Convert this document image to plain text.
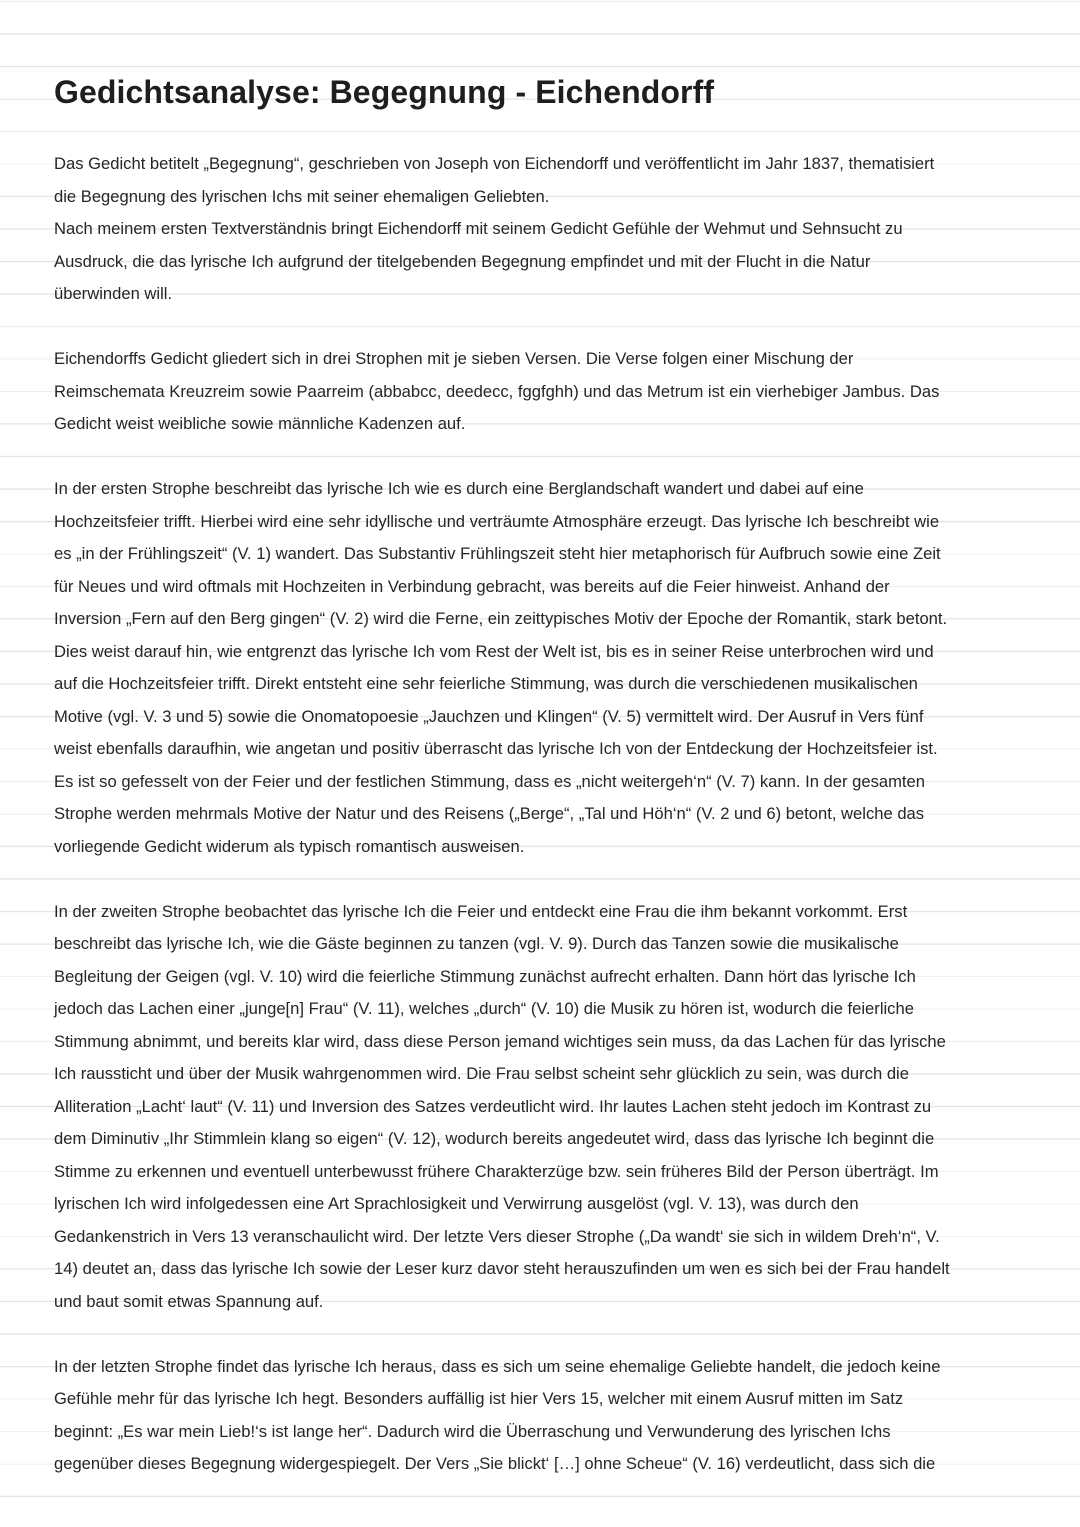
Gedichtsanalyse: Begegnung - Eichendorff

Das Gedicht betitelt „Begegnung“, geschrieben von Joseph von Eichendorff und veröffentlicht im Jahr 1837, thematisiert
die Begegnung des lyrischen Ichs mit seiner ehemaligen Geliebten.
Nach meinem ersten Textverständnis bringt Eichendorff mit seinem Gedicht Gefühle der Wehmut und Sehnsucht zu
Ausdruck, die das lyrische Ich aufgrund der titelgebenden Begegnung empfindet und mit der Flucht in die Natur
überwinden will.

Eichendorffs Gedicht gliedert sich in drei Strophen mit je sieben Versen. Die Verse folgen einer Mischung der
Reimschemata Kreuzreim sowie Paarreim (abbabcc, deedecc, fggfghh) und das Metrum ist ein vierhebiger Jambus. Das
Gedicht weist weibliche sowie männliche Kadenzen auf.

In der ersten Strophe beschreibt das lyrische Ich wie es durch eine Berglandschaft wandert und dabei auf eine
Hochzeitsfeier trifft. Hierbei wird eine sehr idyllische und verträumte Atmosphäre erzeugt. Das lyrische Ich beschreibt wie
es „in der Frühlingszeit“ (V. 1) wandert. Das Substantiv Frühlingszeit steht hier metaphorisch für Aufbruch sowie eine Zeit
für Neues und wird oftmals mit Hochzeiten in Verbindung gebracht, was bereits auf die Feier hinweist. Anhand der
Inversion „Fern auf den Berg gingen“ (V. 2) wird die Ferne, ein zeittypisches Motiv der Epoche der Romantik, stark betont.
Dies weist darauf hin, wie entgrenzt das lyrische Ich vom Rest der Welt ist, bis es in seiner Reise unterbrochen wird und
auf die Hochzeitsfeier trifft. Direkt entsteht eine sehr feierliche Stimmung, was durch die verschiedenen musikalischen
Motive (vgl. V. 3 und 5) sowie die Onomatopoesie „Jauchzen und Klingen“ (V. 5) vermittelt wird. Der Ausruf in Vers fünf
weist ebenfalls daraufhin, wie angetan und positiv überrascht das lyrische Ich von der Entdeckung der Hochzeitsfeier ist.
Es ist so gefesselt von der Feier und der festlichen Stimmung, dass es „nicht weitergeh‘n“ (V. 7) kann. In der gesamten
Strophe werden mehrmals Motive der Natur und des Reisens („Berge“, „Tal und Höh‘n“ (V. 2 und 6) betont, welche das
vorliegende Gedicht widerum als typisch romantisch ausweisen.

In der zweiten Strophe beobachtet das lyrische Ich die Feier und entdeckt eine Frau die ihm bekannt vorkommt. Erst
beschreibt das lyrische Ich, wie die Gäste beginnen zu tanzen (vgl. V. 9). Durch das Tanzen sowie die musikalische
Begleitung der Geigen (vgl. V. 10) wird die feierliche Stimmung zunächst aufrecht erhalten. Dann hört das lyrische Ich
jedoch das Lachen einer „junge[n] Frau“ (V. 11), welches „durch“ (V. 10) die Musik zu hören ist, wodurch die feierliche
Stimmung abnimmt, und bereits klar wird, dass diese Person jemand wichtiges sein muss, da das Lachen für das lyrische
Ich raussticht und über der Musik wahrgenommen wird. Die Frau selbst scheint sehr glücklich zu sein, was durch die
Alliteration „Lacht‘ laut“ (V. 11) und Inversion des Satzes verdeutlicht wird. Ihr lautes Lachen steht jedoch im Kontrast zu
dem Diminutiv „Ihr Stimmlein klang so eigen“ (V. 12), wodurch bereits angedeutet wird, dass das lyrische Ich beginnt die
Stimme zu erkennen und eventuell unterbewusst frühere Charakterzüge bzw. sein früheres Bild der Person überträgt. Im
lyrischen Ich wird infolgedessen eine Art Sprachlosigkeit und Verwirrung ausgelöst (vgl. V. 13), was durch den
Gedankenstrich in Vers 13 veranschaulicht wird. Der letzte Vers dieser Strophe („Da wandt‘ sie sich in wildem Dreh‘n“, V.
14) deutet an, dass das lyrische Ich sowie der Leser kurz davor steht herauszufinden um wen es sich bei der Frau handelt
und baut somit etwas Spannung auf.

In der letzten Strophe findet das lyrische Ich heraus, dass es sich um seine ehemalige Geliebte handelt, die jedoch keine
Gefühle mehr für das lyrische Ich hegt. Besonders auffällig ist hier Vers 15, welcher mit einem Ausruf mitten im Satz
beginnt: „Es war mein Lieb!‘s ist lange her“. Dadurch wird die Überraschung und Verwunderung des lyrischen Ichs
gegenüber dieses Begegnung widergespiegelt. Der Vers „Sie blickt‘ […] ohne Scheue“ (V. 16) verdeutlicht, dass sich die
